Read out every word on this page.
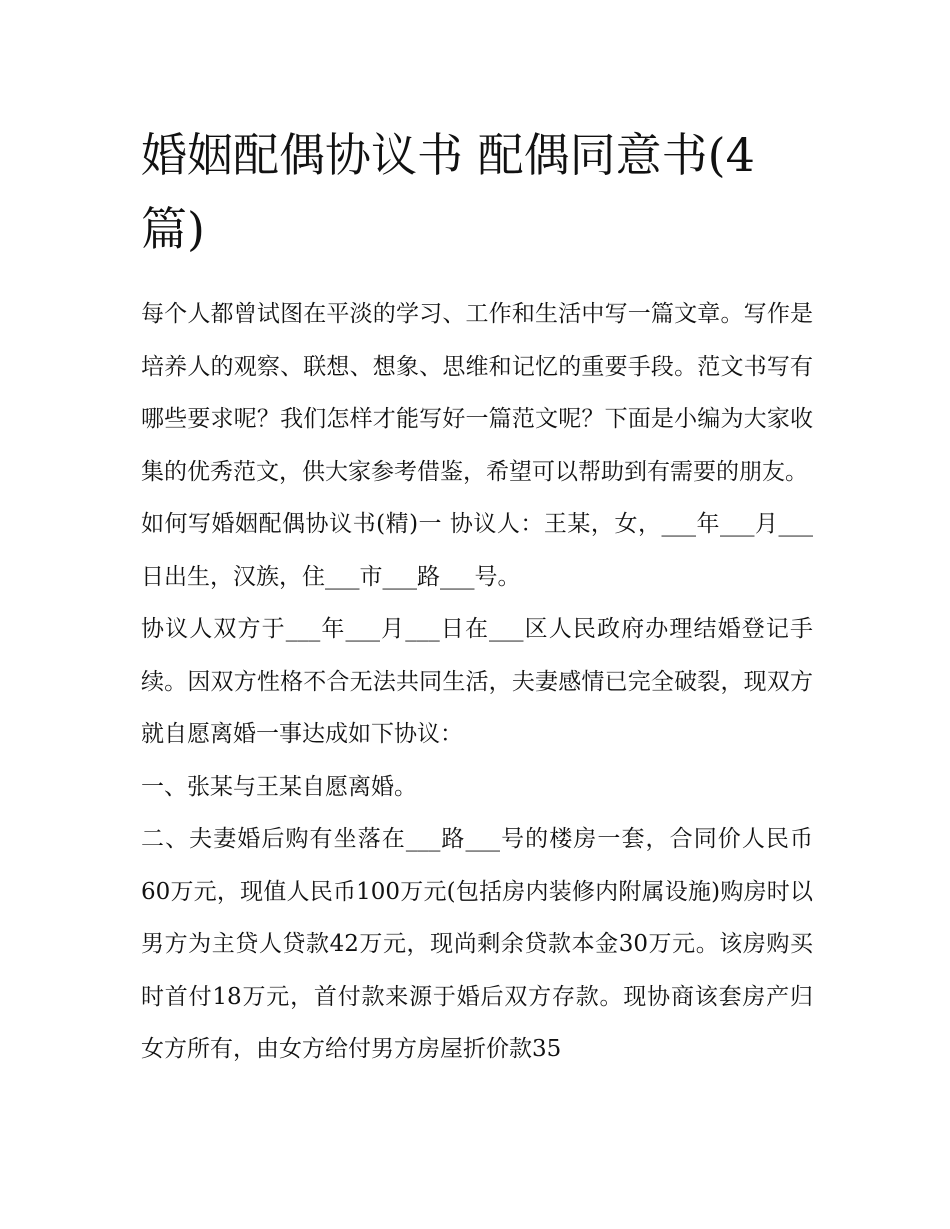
婚姻配偶协议书 配偶同意书(4篇)

每个人都曾试图在平淡的学习、工作和生活中写一篇文章。写作是培养人的观察、联想、想象、思维和记忆的重要手段。范文书写有哪些要求呢？我们怎样才能写好一篇范文呢？下面是小编为大家收集的优秀范文，供大家参考借鉴，希望可以帮助到有需要的朋友。

如何写婚姻配偶协议书(精)一 协议人：王某，女，___年___月___日出生，汉族，住___市___路___号。

协议人双方于___年___月___日在___区人民政府办理结婚登记手续。因双方性格不合无法共同生活，夫妻感情已完全破裂，现双方就自愿离婚一事达成如下协议：

一、张某与王某自愿离婚。

二、夫妻婚后购有坐落在___路___号的楼房一套，合同价人民币60万元，现值人民币100万元(包括房内装修内附属设施)购房时以男方为主贷人贷款42万元，现尚剩余贷款本金30万元。该房购买时首付18万元，首付款来源于婚后双方存款。现协商该套房产归女方所有，由女方给付男方房屋折价款35
